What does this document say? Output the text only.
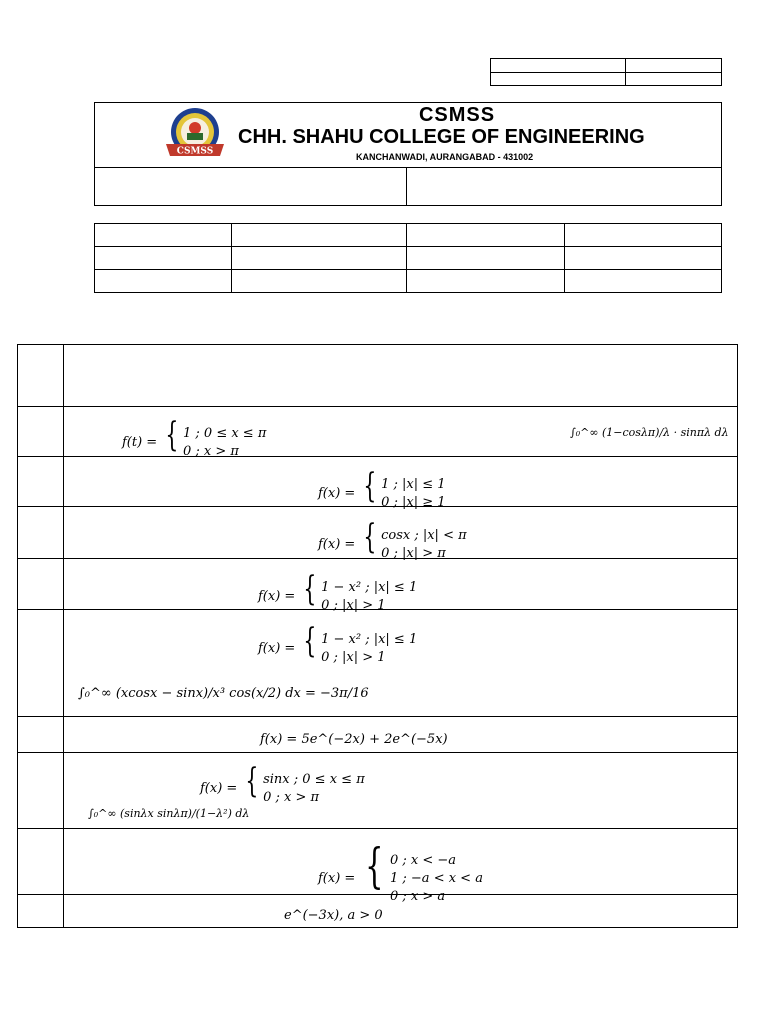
CSMSS
CSMSS
CHH. SHAHU COLLEGE OF ENGINEERING
KANCHANWADI, AURANGABAD - 431002

f(t) = { 1 ; 0 ≤ x ≤ π
0 ; x > π
∫₀^∞ (1−cosλπ)/λ · sinπλ dλ
f(x) = { 1 ; |x| ≤ 1
0 ; |x| ≥ 1
f(x) = { cosx ; |x| < π
0 ; |x| > π
f(x) = { 1 − x² ; |x| ≤ 1
0 ; |x| > 1
f(x) = { 1 − x² ; |x| ≤ 1
0 ; |x| > 1
∫₀^∞ (xcosx − sinx)/x³ cos(x/2) dx = −3π/16
f(x) = 5e^(−2x) + 2e^(−5x)
f(x) = { sinx ; 0 ≤ x ≤ π
0 ; x > π
∫₀^∞ (sinλx sinλπ)/(1−λ²) dλ
f(x) = { 0 ; x < −a
1 ; −a < x < a
0 ; x > a
e^(−3x), a > 0
